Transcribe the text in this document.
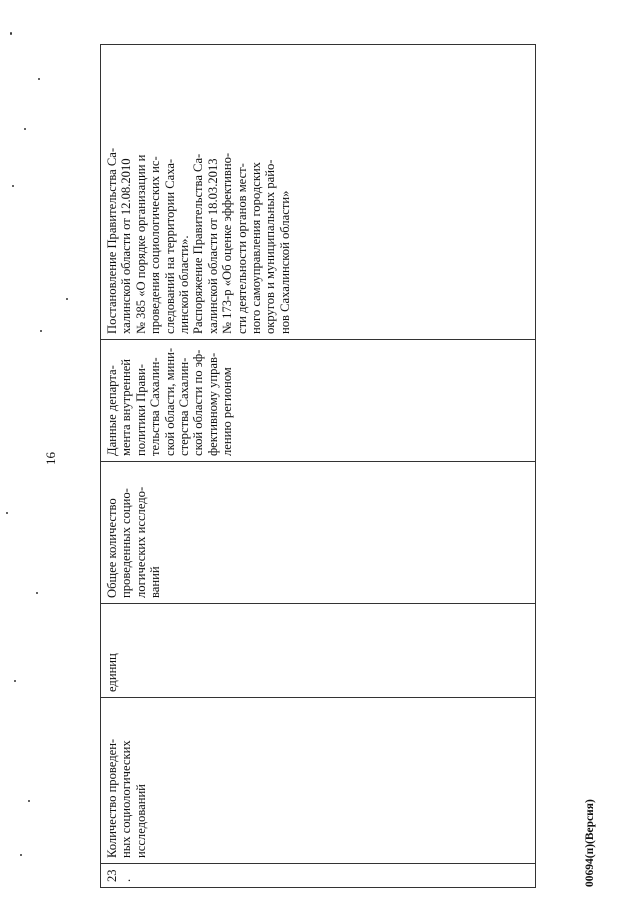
16
23.	Количество проведен-
ных социологических
исследований	единиц	Общее количество
проведенных социо-
логических исследо-
ваний	Данные департа-
мента внутренней
политики Прави-
тельства Сахалин-
ской области, мини-
стерства Сахалин-
ской области по эф-
фективному управ-
лению регионом	Постановление Правительства Са-
халинской области от 12.08.2010
№ 385 «О порядке организации и
проведения социологических ис-
следований на территории Саха-
линской области».
Распоряжение Правительства Са-
халинской области от 18.03.2013
№ 173-р «Об оценке эффективно-
сти деятельности органов мест-
ного самоуправления городских
округов и муниципальных райо-
нов Сахалинской области»
00694(п)(Версия)
